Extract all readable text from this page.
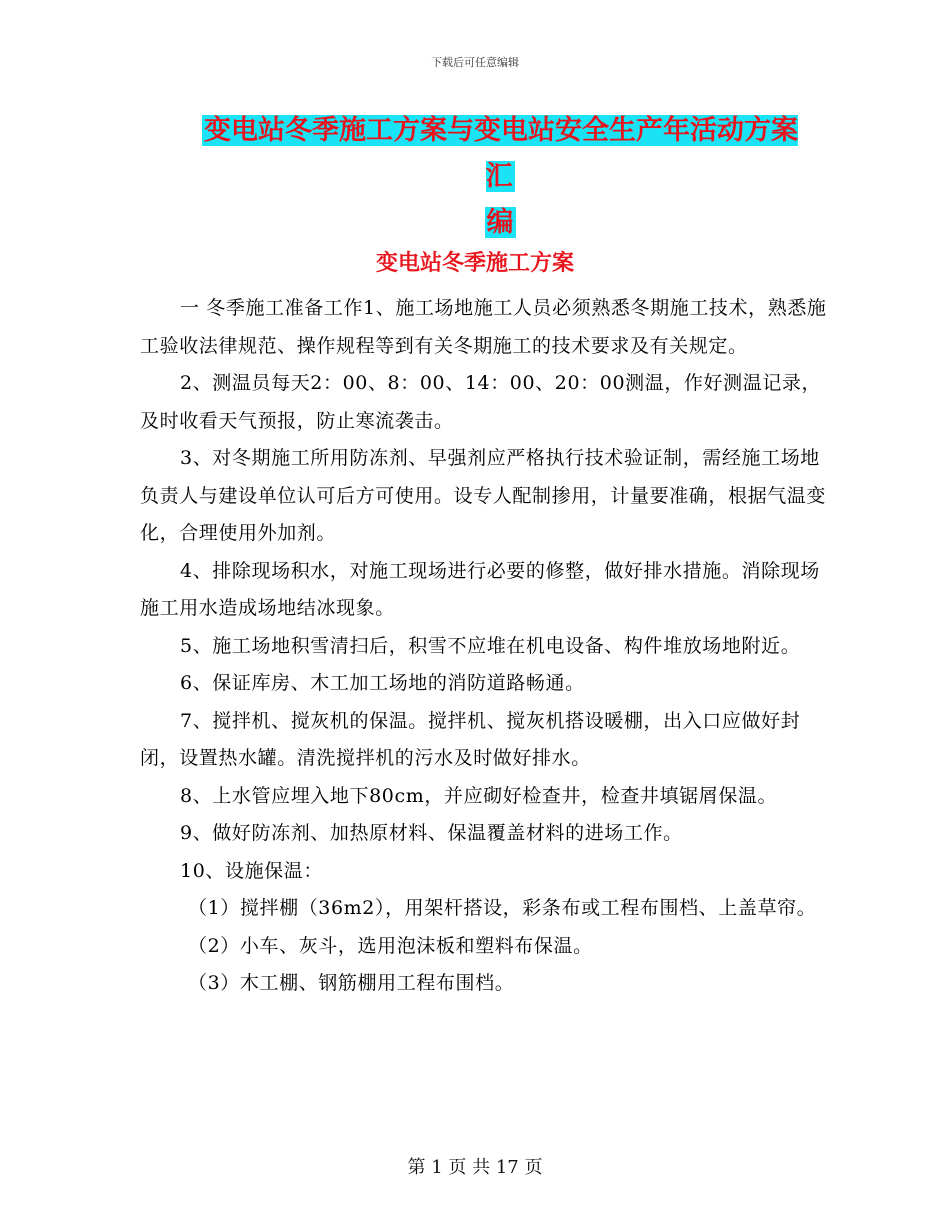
下载后可任意编辑
变电站冬季施工方案与变电站安全生产年活动方案汇
编
变电站冬季施工方案

一 冬季施工准备工作1、施工场地施工人员必须熟悉冬期施工技术，熟悉施工验收法律规范、操作规程等到有关冬期施工的技术要求及有关规定。

2、测温员每天2：00、8：00、14：00、20：00测温，作好测温记录，及时收看天气预报，防止寒流袭击。

3、对冬期施工所用防冻剂、早强剂应严格执行技术验证制，需经施工场地负责人与建设单位认可后方可使用。设专人配制掺用，计量要准确，根据气温变化，合理使用外加剂。

4、排除现场积水，对施工现场进行必要的修整，做好排水措施。消除现场施工用水造成场地结冰现象。

5、施工场地积雪清扫后，积雪不应堆在机电设备、构件堆放场地附近。

6、保证库房、木工加工场地的消防道路畅通。

7、搅拌机、搅灰机的保温。搅拌机、搅灰机搭设暖棚，出入口应做好封闭，设置热水罐。清洗搅拌机的污水及时做好排水。

8、上水管应埋入地下80cm，并应砌好检查井，检查井填锯屑保温。

9、做好防冻剂、加热原材料、保温覆盖材料的进场工作。

10、设施保温：

（1）搅拌棚（36m2），用架杆搭设，彩条布或工程布围档、上盖草帘。

（2）小车、灰斗，选用泡沫板和塑料布保温。

（3）木工棚、钢筋棚用工程布围档。

第 1 页 共 17 页
